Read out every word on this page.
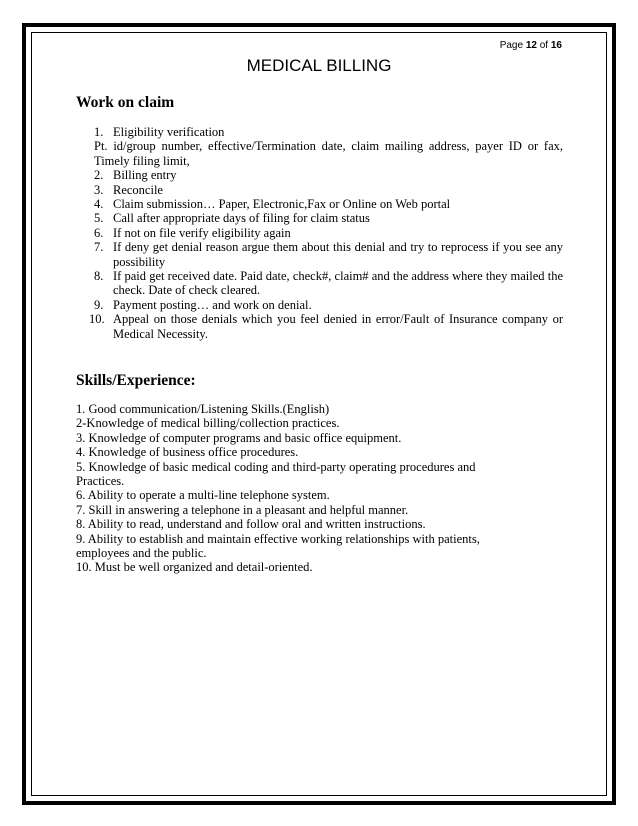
Page 12 of 16
MEDICAL BILLING
Work on claim
1. Eligibility verification
Pt. id/group number, effective/Termination date, claim mailing address, payer ID or fax, Timely filing limit,
2. Billing entry
3. Reconcile
4. Claim submission… Paper, Electronic,Fax or Online on Web portal
5. Call after appropriate days of filing for claim status
6. If not on file verify eligibility again
7. If deny get denial reason argue them about this denial and try to reprocess if you see any possibility
8. If paid get received date. Paid date, check#, claim# and the address where they mailed the check. Date of check cleared.
9. Payment posting… and work on denial.
10. Appeal on those denials which you feel denied in error/Fault of Insurance company or Medical Necessity.
Skills/Experience:

1. Good communication/Listening Skills.(English)

2-Knowledge of medical billing/collection practices.

3. Knowledge of computer programs and basic office equipment.

4. Knowledge of business office procedures.

5. Knowledge of basic medical coding and third-party operating procedures and

Practices.

6. Ability to operate a multi-line telephone system.

7. Skill in answering a telephone in a pleasant and helpful manner.

8. Ability to read, understand and follow oral and written instructions.

9. Ability to establish and maintain effective working relationships with patients,

employees and the public.

10. Must be well organized and detail-oriented.
